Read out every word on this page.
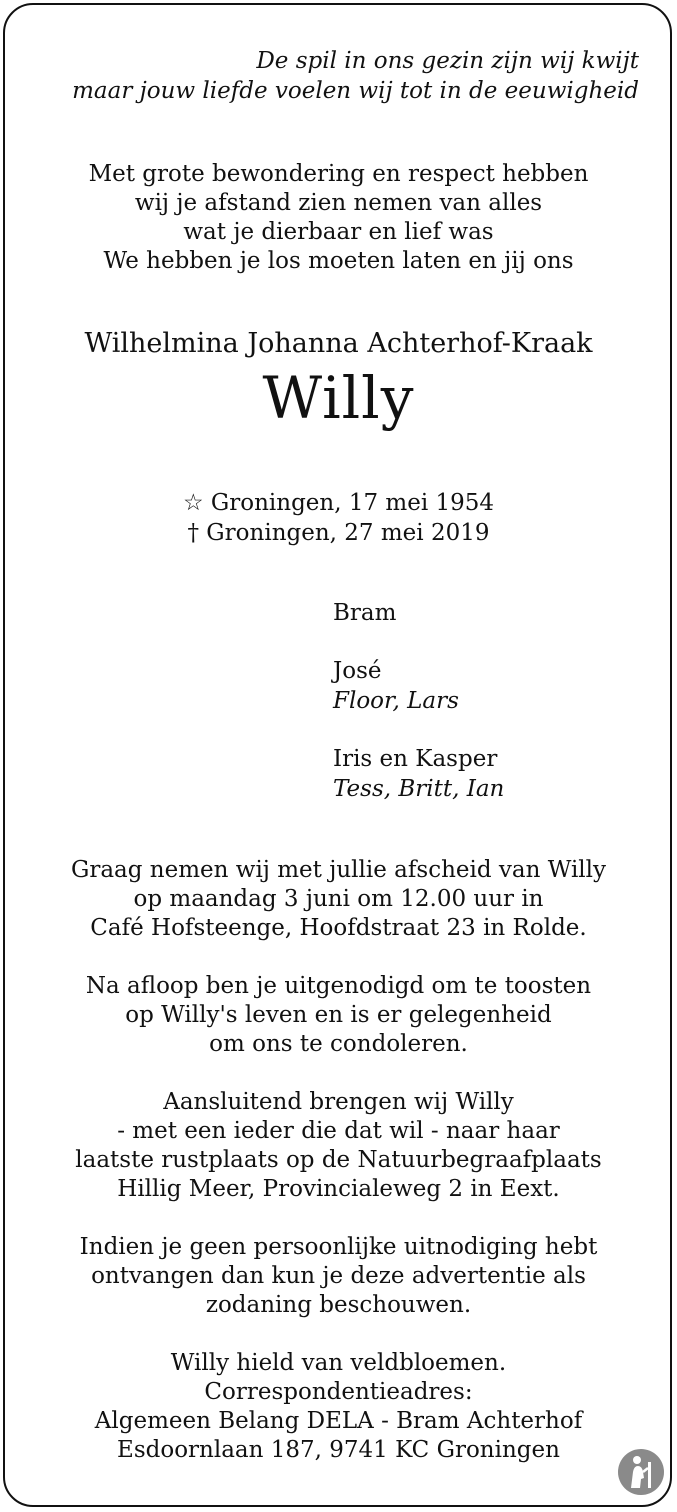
De spil in ons gezin zijn wij kwijt
maar jouw liefde voelen wij tot in de eeuwigheid
Met grote bewondering en respect hebben
wij je afstand zien nemen van alles
wat je dierbaar en lief was
We hebben je los moeten laten en jij ons
Wilhelmina Johanna Achterhof-Kraak
Willy
☆ Groningen, 17 mei 1954
† Groningen, 27 mei 2019
Bram
José
Floor, Lars
Iris en Kasper
Tess, Britt, Ian

Graag nemen wij met jullie afscheid van Willy
op maandag 3 juni om 12.00 uur in
Café Hofsteenge, Hoofdstraat 23 in Rolde.

Na afloop ben je uitgenodigd om te toosten
op Willy's leven en is er gelegenheid
om ons te condoleren.

Aansluitend brengen wij Willy
- met een ieder die dat wil - naar haar
laatste rustplaats op de Natuurbegraafplaats
Hillig Meer, Provincialeweg 2 in Eext.

Indien je geen persoonlijke uitnodiging hebt
ontvangen dan kun je deze advertentie als
zodaning beschouwen.

Willy hield van veldbloemen.
Correspondentieadres:
Algemeen Belang DELA - Bram Achterhof
Esdoornlaan 187, 9741 KC Groningen
